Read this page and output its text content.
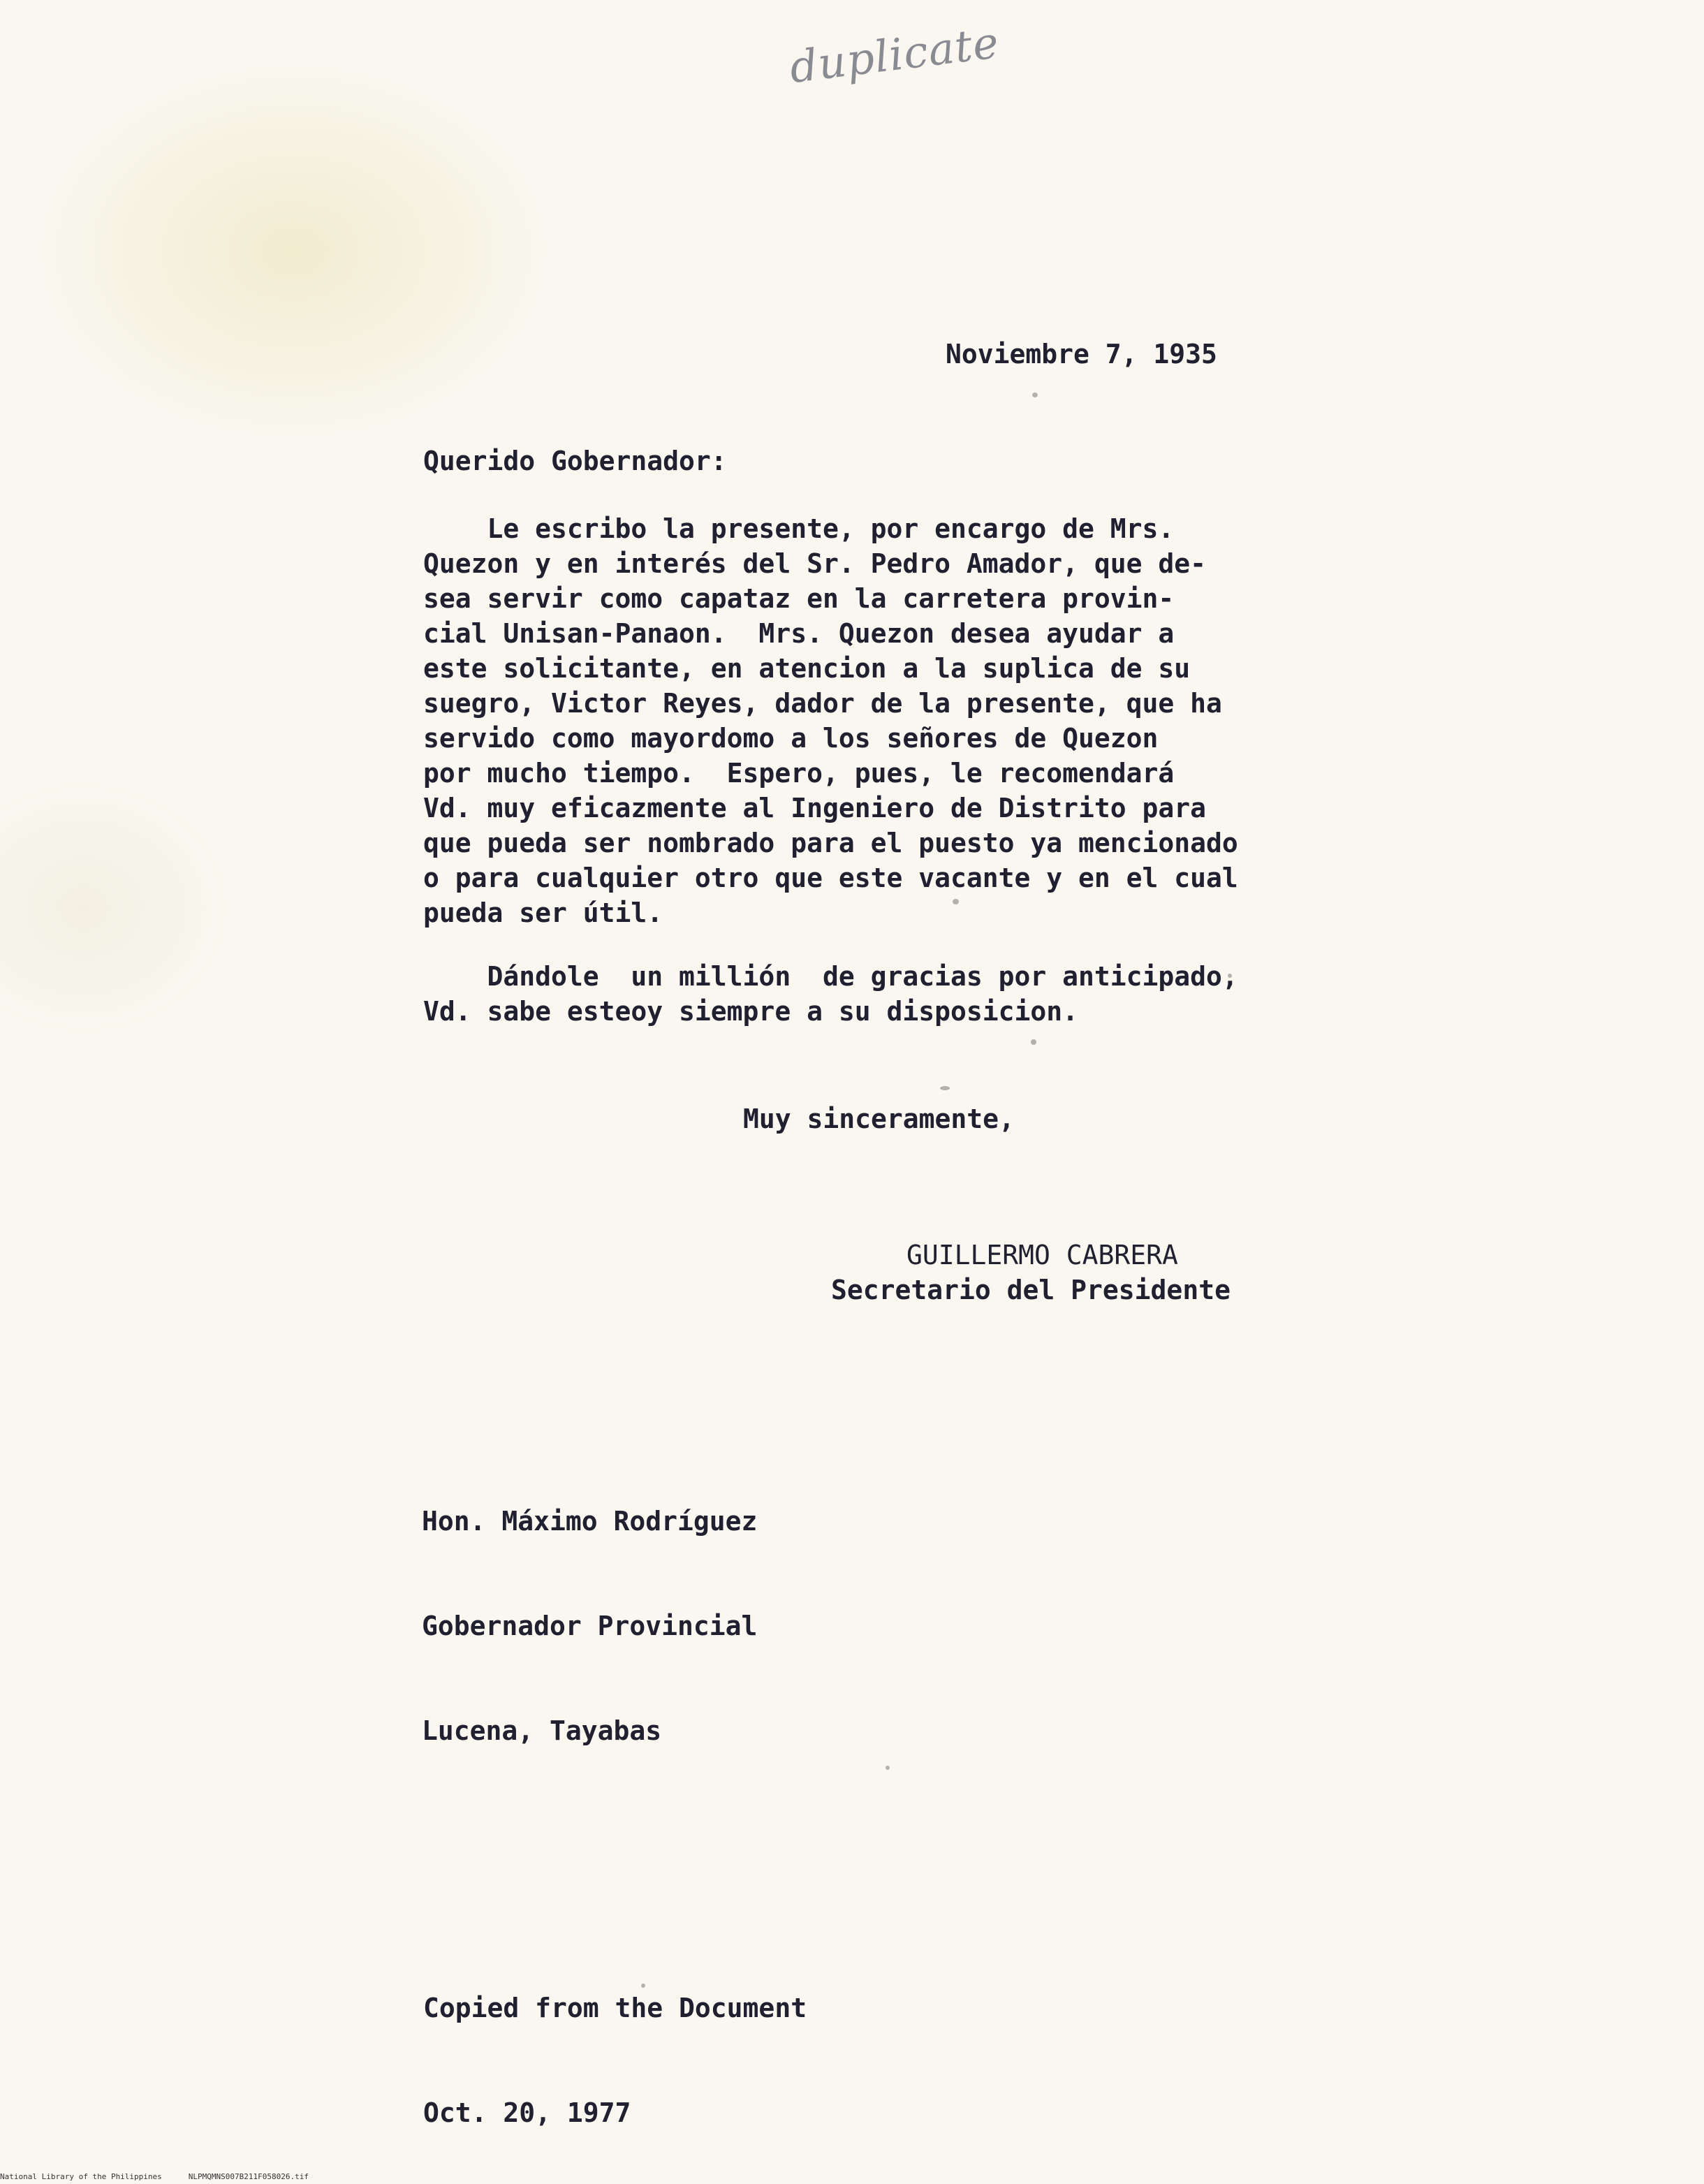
duplicate
Noviembre 7, 1935
Querido Gobernador:
Le escribo la presente, por encargo de Mrs.
Quezon y en interés del Sr. Pedro Amador, que de-
sea servir como capataz en la carretera provin-
cial Unisan-Panaon.  Mrs. Quezon desea ayudar a
este solicitante, en atencion a la suplica de su
suegro, Victor Reyes, dador de la presente, que ha
servido como mayordomo a los señores de Quezon
por mucho tiempo.  Espero, pues, le recomendará
Vd. muy eficazmente al Ingeniero de Distrito para
que pueda ser nombrado para el puesto ya mencionado
o para cualquier otro que este vacante y en el cual
pueda ser útil.
Dándole  un millión  de gracias por anticipado,
Vd. sabe esteoy siempre a su disposicion.
Muy sinceramente,
GUILLERMO CABRERA
Secretario del Presidente

Hon. Máximo Rodríguez

Gobernador Provincial

Lucena, Tayabas

Copied from the Document

Oct. 20, 1977

National Library of the Philippines	NLPMQMNS007B211F058026.tif
